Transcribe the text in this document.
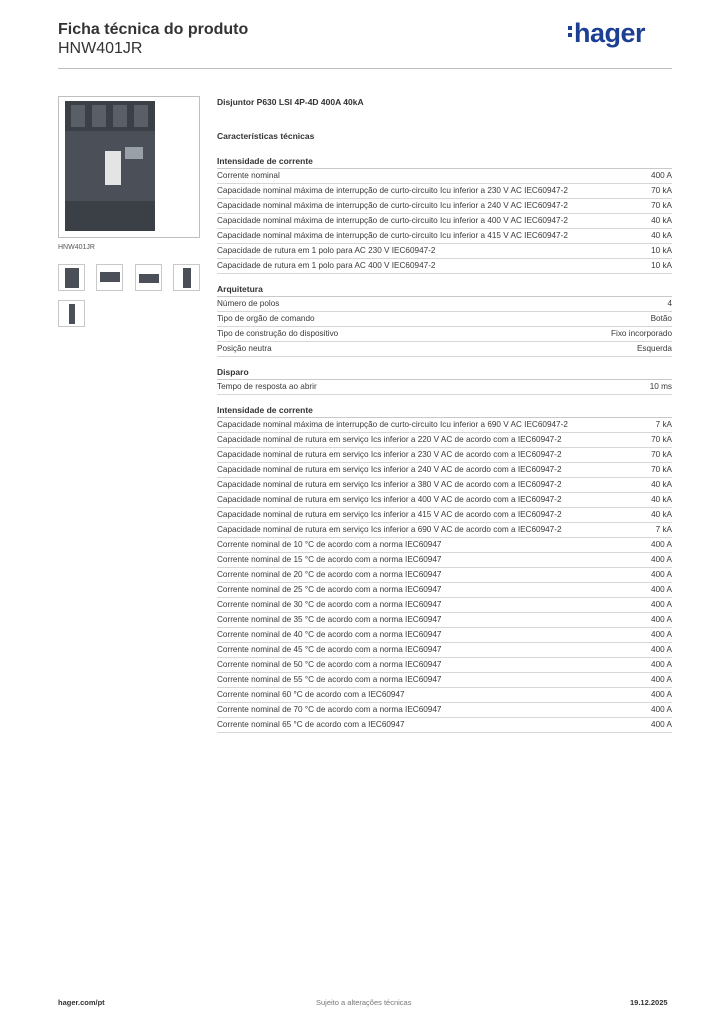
Ficha técnica do produto
HNW401JR
hager
HNW401JR
Disjuntor P630 LSI 4P-4D 400A 40kA
Características técnicas
Intensidade de corrente
Corrente nominal	400 A
Capacidade nominal máxima de interrupção de curto-circuito Icu inferior a 230 V AC IEC60947-2	70 kA
Capacidade nominal máxima de interrupção de curto-circuito Icu inferior a 240 V AC IEC60947-2	70 kA
Capacidade nominal máxima de interrupção de curto-circuito Icu inferior a 400 V AC IEC60947-2	40 kA
Capacidade nominal máxima de interrupção de curto-circuito Icu inferior a 415 V AC IEC60947-2	40 kA
Capacidade de rutura em 1 polo para AC 230 V IEC60947-2	10 kA
Capacidade de rutura em 1 polo para AC 400 V IEC60947-2	10 kA
Arquitetura
Número de polos	4
Tipo de orgão de comando	Botão
Tipo de construção do dispositivo	Fixo incorporado
Posição neutra	Esquerda
Disparo
Tempo de resposta ao abrir	10 ms
Intensidade de corrente
Capacidade nominal máxima de interrupção de curto-circuito Icu inferior a 690 V AC IEC60947-2	7 kA
Capacidade nominal de rutura em serviço Ics inferior a 220 V AC de acordo com a IEC60947-2	70 kA
Capacidade nominal de rutura em serviço Ics inferior a 230 V AC de acordo com a IEC60947-2	70 kA
Capacidade nominal de rutura em serviço Ics inferior a 240 V AC de acordo com a IEC60947-2	70 kA
Capacidade nominal de rutura em serviço Ics inferior a 380 V AC de acordo com a IEC60947-2	40 kA
Capacidade nominal de rutura em serviço Ics inferior a 400 V AC de acordo com a IEC60947-2	40 kA
Capacidade nominal de rutura em serviço Ics inferior a 415 V AC de acordo com a IEC60947-2	40 kA
Capacidade nominal de rutura em serviço Ics inferior a 690 V AC de acordo com a IEC60947-2	7 kA
Corrente nominal de 10 °C de acordo com a norma IEC60947	400 A
Corrente nominal de 15 °C de acordo com a norma IEC60947	400 A
Corrente nominal de 20 °C de acordo com a norma IEC60947	400 A
Corrente nominal de 25 °C de acordo com a norma IEC60947	400 A
Corrente nominal de 30 °C de acordo com a norma IEC60947	400 A
Corrente nominal de 35 °C de acordo com a norma IEC60947	400 A
Corrente nominal de 40 °C de acordo com a norma IEC60947	400 A
Corrente nominal de 45 °C de acordo com a norma IEC60947	400 A
Corrente nominal de 50 °C de acordo com a norma IEC60947	400 A
Corrente nominal de 55 °C de acordo com a norma IEC60947	400 A
Corrente nominal 60 °C de acordo com a IEC60947	400 A
Corrente nominal de 70 °C de acordo com a norma IEC60947	400 A
Corrente nominal 65 °C de acordo com a IEC60947	400 A
hager.com/pt	Sujeito a alterações técnicas	19.12.2025
